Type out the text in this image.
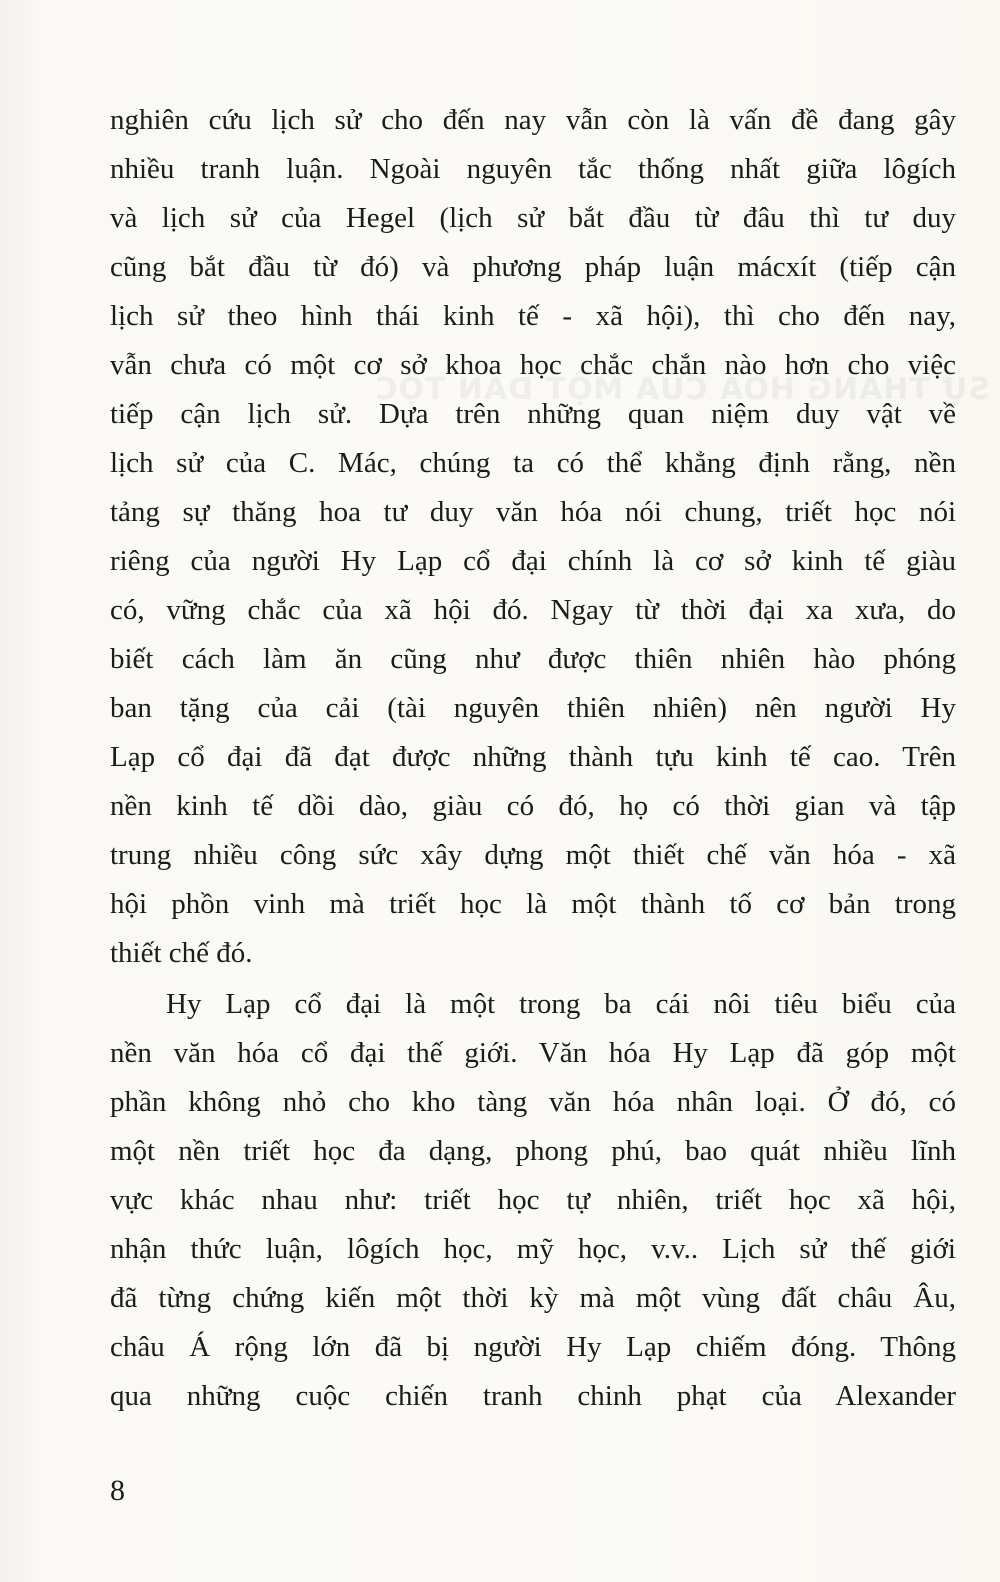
SỰ THĂNG HOA CỦA MỘT DÂN TỘC

nghiên cứu lịch sử cho đến nay vẫn còn là vấn đề đang gây

nhiều tranh luận. Ngoài nguyên tắc thống nhất giữa lôgích

và lịch sử của Hegel (lịch sử bắt đầu từ đâu thì tư duy

cũng bắt đầu từ đó) và phương pháp luận mácxít (tiếp cận

lịch sử theo hình thái kinh tế - xã hội), thì cho đến nay,

vẫn chưa có một cơ sở khoa học chắc chắn nào hơn cho việc

tiếp cận lịch sử. Dựa trên những quan niệm duy vật về

lịch sử của C. Mác, chúng ta có thể khẳng định rằng, nền

tảng sự thăng hoa tư duy văn hóa nói chung, triết học nói

riêng của người Hy Lạp cổ đại chính là cơ sở kinh tế giàu

có, vững chắc của xã hội đó. Ngay từ thời đại xa xưa, do

biết cách làm ăn cũng như được thiên nhiên hào phóng

ban tặng của cải (tài nguyên thiên nhiên) nên người Hy

Lạp cổ đại đã đạt được những thành tựu kinh tế cao. Trên

nền kinh tế dồi dào, giàu có đó, họ có thời gian và tập

trung nhiều công sức xây dựng một thiết chế văn hóa - xã

hội phồn vinh mà triết học là một thành tố cơ bản trong

thiết chế đó.

Hy Lạp cổ đại là một trong ba cái nôi tiêu biểu của

nền văn hóa cổ đại thế giới. Văn hóa Hy Lạp đã góp một

phần không nhỏ cho kho tàng văn hóa nhân loại. Ở đó, có

một nền triết học đa dạng, phong phú, bao quát nhiều lĩnh

vực khác nhau như: triết học tự nhiên, triết học xã hội,

nhận thức luận, lôgích học, mỹ học, v.v.. Lịch sử thế giới

đã từng chứng kiến một thời kỳ mà một vùng đất châu Âu,

châu Á rộng lớn đã bị người Hy Lạp chiếm đóng. Thông

qua những cuộc chiến tranh chinh phạt của Alexander

8
